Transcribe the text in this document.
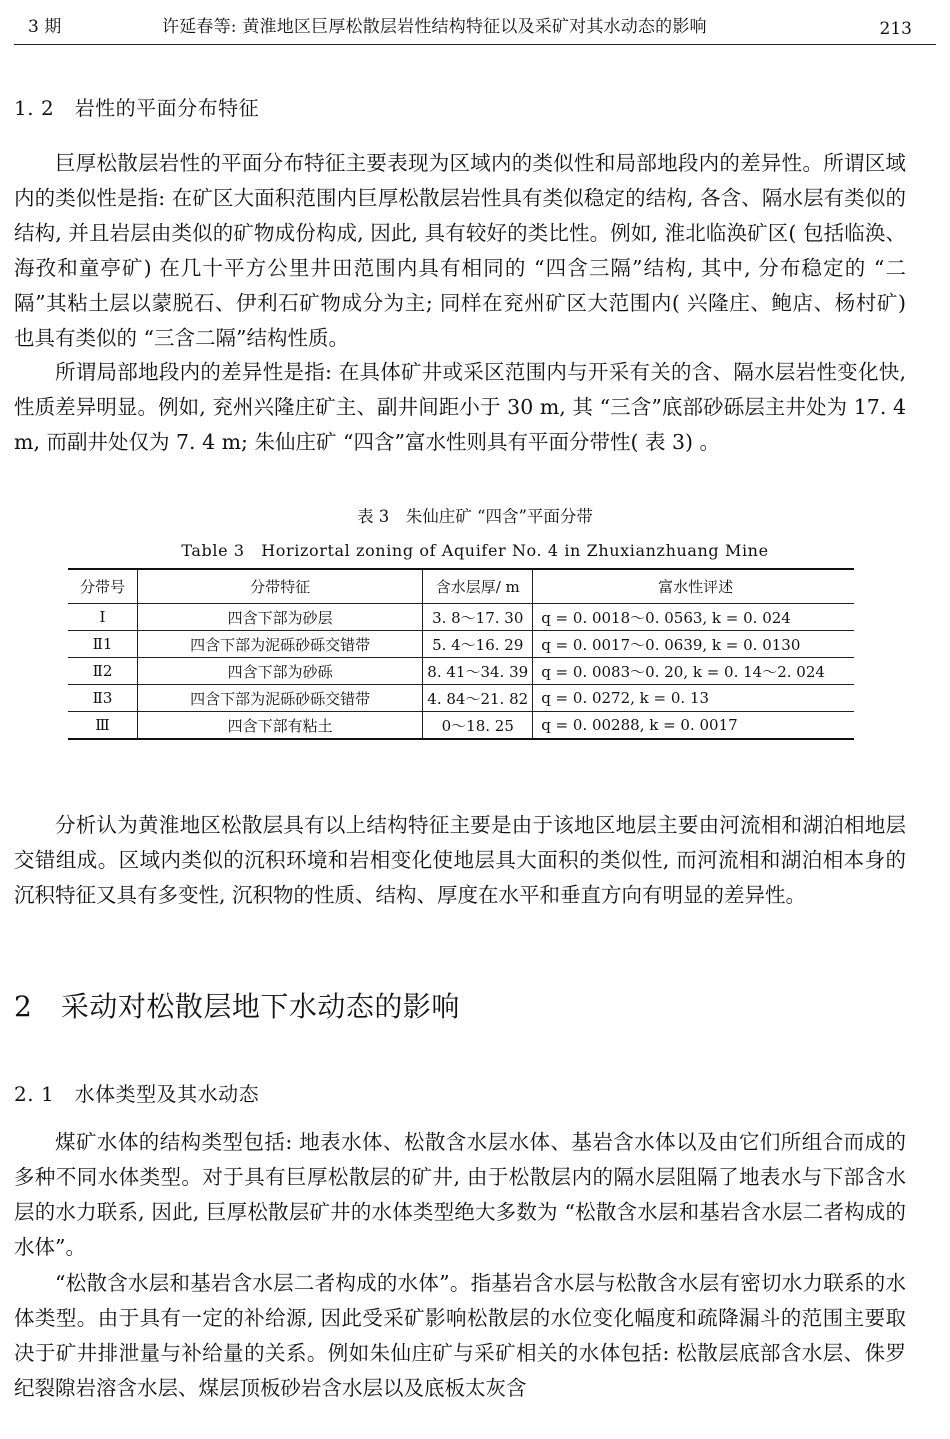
3 期	许延春等: 黄淮地区巨厚松散层岩性结构特征以及采矿对其水动态的影响	213
1. 2　岩性的平面分布特征

巨厚松散层岩性的平面分布特征主要表现为区域内的类似性和局部地段内的差异性。所谓区域内的类似性是指: 在矿区大面积范围内巨厚松散层岩性具有类似稳定的结构, 各含、隔水层有类似的结构, 并且岩层由类似的矿物成份构成, 因此, 具有较好的类比性。例如, 淮北临涣矿区( 包括临涣、海孜和童亭矿) 在几十平方公里井田范围内具有相同的 “四含三隔”结构, 其中, 分布稳定的 “二隔”其粘土层以蒙脱石、伊利石矿物成分为主; 同样在兖州矿区大范围内( 兴隆庄、鲍店、杨村矿) 也具有类似的 “三含二隔”结构性质。

所谓局部地段内的差异性是指: 在具体矿井或采区范围内与开采有关的含、隔水层岩性变化快, 性质差异明显。例如, 兖州兴隆庄矿主、副井间距小于 30 m, 其 “三含”底部砂砾层主井处为 17. 4 m, 而副井处仅为 7. 4 m; 朱仙庄矿 “四含”富水性则具有平面分带性( 表 3) 。

表 3　朱仙庄矿 “四含”平面分带
Table 3　Horizortal zoning of Aquifer No. 4 in Zhuxianzhuang Mine
分带号	分带特征	含水层厚/ m	富水性评述
Ⅰ	四含下部为砂层	3. 8～17. 30	q = 0. 0018～0. 0563, k = 0. 024
Ⅱ1	四含下部为泥砾砂砾交错带	5. 4～16. 29	q = 0. 0017～0. 0639, k = 0. 0130
Ⅱ2	四含下部为砂砾	8. 41～34. 39	q = 0. 0083～0. 20, k = 0. 14～2. 024
Ⅱ3	四含下部为泥砾砂砾交错带	4. 84～21. 82	q = 0. 0272, k = 0. 13
Ⅲ	四含下部有粘土	0～18. 25	q = 0. 00288, k = 0. 0017

分析认为黄淮地区松散层具有以上结构特征主要是由于该地区地层主要由河流相和湖泊相地层交错组成。区域内类似的沉积环境和岩相变化使地层具大面积的类似性, 而河流相和湖泊相本身的沉积特征又具有多变性, 沉积物的性质、结构、厚度在水平和垂直方向有明显的差异性。

2　采动对松散层地下水动态的影响
2. 1　水体类型及其水动态

煤矿水体的结构类型包括: 地表水体、松散含水层水体、基岩含水体以及由它们所组合而成的多种不同水体类型。对于具有巨厚松散层的矿井, 由于松散层内的隔水层阻隔了地表水与下部含水层的水力联系, 因此, 巨厚松散层矿井的水体类型绝大多数为 “松散含水层和基岩含水层二者构成的水体”。

“松散含水层和基岩含水层二者构成的水体”。指基岩含水层与松散含水层有密切水力联系的水体类型。由于具有一定的补给源, 因此受采矿影响松散层的水位变化幅度和疏降漏斗的范围主要取决于矿井排泄量与补给量的关系。例如朱仙庄矿与采矿相关的水体包括: 松散层底部含水层、侏罗纪裂隙岩溶含水层、煤层顶板砂岩含水层以及底板太灰含
